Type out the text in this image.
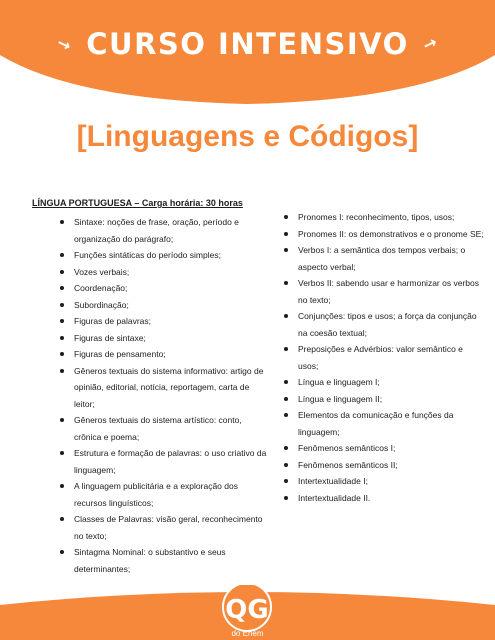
↘ CURSO INTENSIVO ↗
[Linguagens e Códigos]
LÍNGUA PORTUGUESA – Carga horária: 30 horas
Sintaxe: noções de frase, oração, período e organização do parágrafo;
Funções sintáticas do período simples;
Vozes verbais;
Coordenação;
Subordinação;
Figuras de palavras;
Figuras de sintaxe;
Figuras de pensamento;
Gêneros textuais do sistema informativo: artigo de opinião, editorial, notícia, reportagem, carta de leitor;
Gêneros textuais do sistema artístico: conto, crônica e poema;
Estrutura e formação de palavras: o uso criativo da linguagem;
A linguagem publicitária e a exploração dos recursos linguísticos;
Classes de Palavras: visão geral, reconhecimento no texto;
Sintagma Nominal: o substantivo e seus determinantes;
Pronomes I: reconhecimento, tipos, usos;
Pronomes II: os demonstrativos e o pronome SE;
Verbos I: a semântica dos tempos verbais; o aspecto verbal;
Verbos II: sabendo usar e harmonizar os verbos no texto;
Conjunções: tipos e usos; a força da conjunção na coesão textual;
Preposições e Advérbios: valor semântico e usos;
Língua e linguagem I;
Língua e linguagem II;
Elementos da comunicação e funções da linguagem;
Fenômenos semânticos I;
Fenômenos semânticos II;
Intertextualidade I;
Intertextualidade II.
QG
do Enem
